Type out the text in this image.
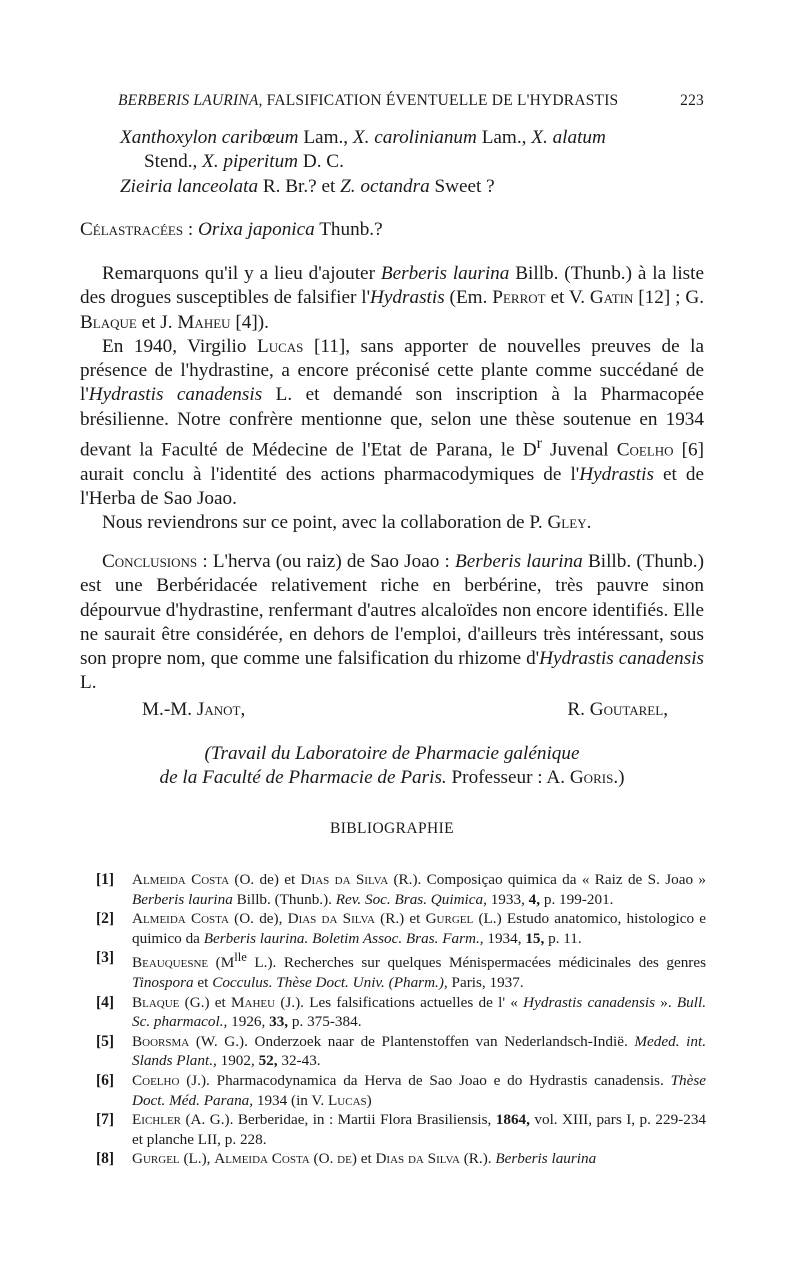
BERBERIS LAURINA, FALSIFICATION ÉVENTUELLE DE L'HYDRASTIS	223

Xanthoxylon caribœum Lam., X. carolinianum Lam., X. alatum

Stend., X. piperitum D. C.

Zieiria lanceolata R. Br.? et Z. octandra Sweet ?

Célastracées : Orixa japonica Thunb.?

Remarquons qu'il y a lieu d'ajouter Berberis laurina Billb. (Thunb.) à la liste des drogues susceptibles de falsifier l'Hydrastis (Em. Perrot et V. Gatin [12] ; G. Blaque et J. Maheu [4]).

En 1940, Virgilio Lucas [11], sans apporter de nouvelles preuves de la présence de l'hydrastine, a encore préconisé cette plante comme succédané de l'Hydrastis canadensis L. et demandé son inscription à la Pharmacopée brésilienne. Notre confrère mentionne que, selon une thèse soutenue en 1934 devant la Faculté de Médecine de l'Etat de Parana, le $D^r$ Juvenal Coelho [6] aurait conclu à l'identité des actions pharmacodymiques de l'Hydrastis et de l'Herba de Sao Joao.

Nous reviendrons sur ce point, avec la collaboration de P. Gley.

Conclusions : L'herva (ou raiz) de Sao Joao : Berberis laurina Billb. (Thunb.) est une Berbéridacée relativement riche en berbérine, très pauvre sinon dépourvue d'hydrastine, renfermant d'autres alcaloïdes non encore identifiés. Elle ne saurait être considérée, en dehors de l'emploi, d'ailleurs très intéressant, sous son propre nom, que comme une falsification du rhizome d'Hydrastis canadensis L.

M.-M. Janot,	R. Goutarel,

(Travail du Laboratoire de Pharmacie galénique

de la Faculté de Pharmacie de Paris. Professeur : A. Goris.)

BIBLIOGRAPHIE
[1]	Almeida Costa (O. de) et Dias da Silva (R.). Composiçao quimica da « Raiz de S. Joao » Berberis laurina Billb. (Thunb.). Rev. Soc. Bras. Quimica, 1933, 4, p. 199-201.
[2]	Almeida Costa (O. de), Dias da Silva (R.) et Gurgel (L.) Estudo anatomico, histologico e quimico da Berberis laurina. Boletim Assoc. Bras. Farm., 1934, 15, p. 11.
[3]	Beauquesne ($M^{lle}$ L.). Recherches sur quelques Ménispermacées médicinales des genres Tinospora et Cocculus. Thèse Doct. Univ. (Pharm.), Paris, 1937.
[4]	Blaque (G.) et Maheu (J.). Les falsifications actuelles de l' « Hydrastis canadensis ». Bull. Sc. pharmacol., 1926, 33, p. 375-384.
[5]	Boorsma (W. G.). Onderzoek naar de Plantenstoffen van Nederlandsch-Indië. Meded. int. Slands Plant., 1902, 52, 32-43.
[6]	Coelho (J.). Pharmacodynamica da Herva de Sao Joao e do Hydrastis canadensis. Thèse Doct. Méd. Parana, 1934 (in V. Lucas)
[7]	Eichler (A. G.). Berberidae, in : Martii Flora Brasiliensis, 1864, vol. XIII, pars I, p. 229-234 et planche LII, p. 228.
[8]	Gurgel (L.), Almeida Costa (O. de) et Dias da Silva (R.). Berberis laurina
